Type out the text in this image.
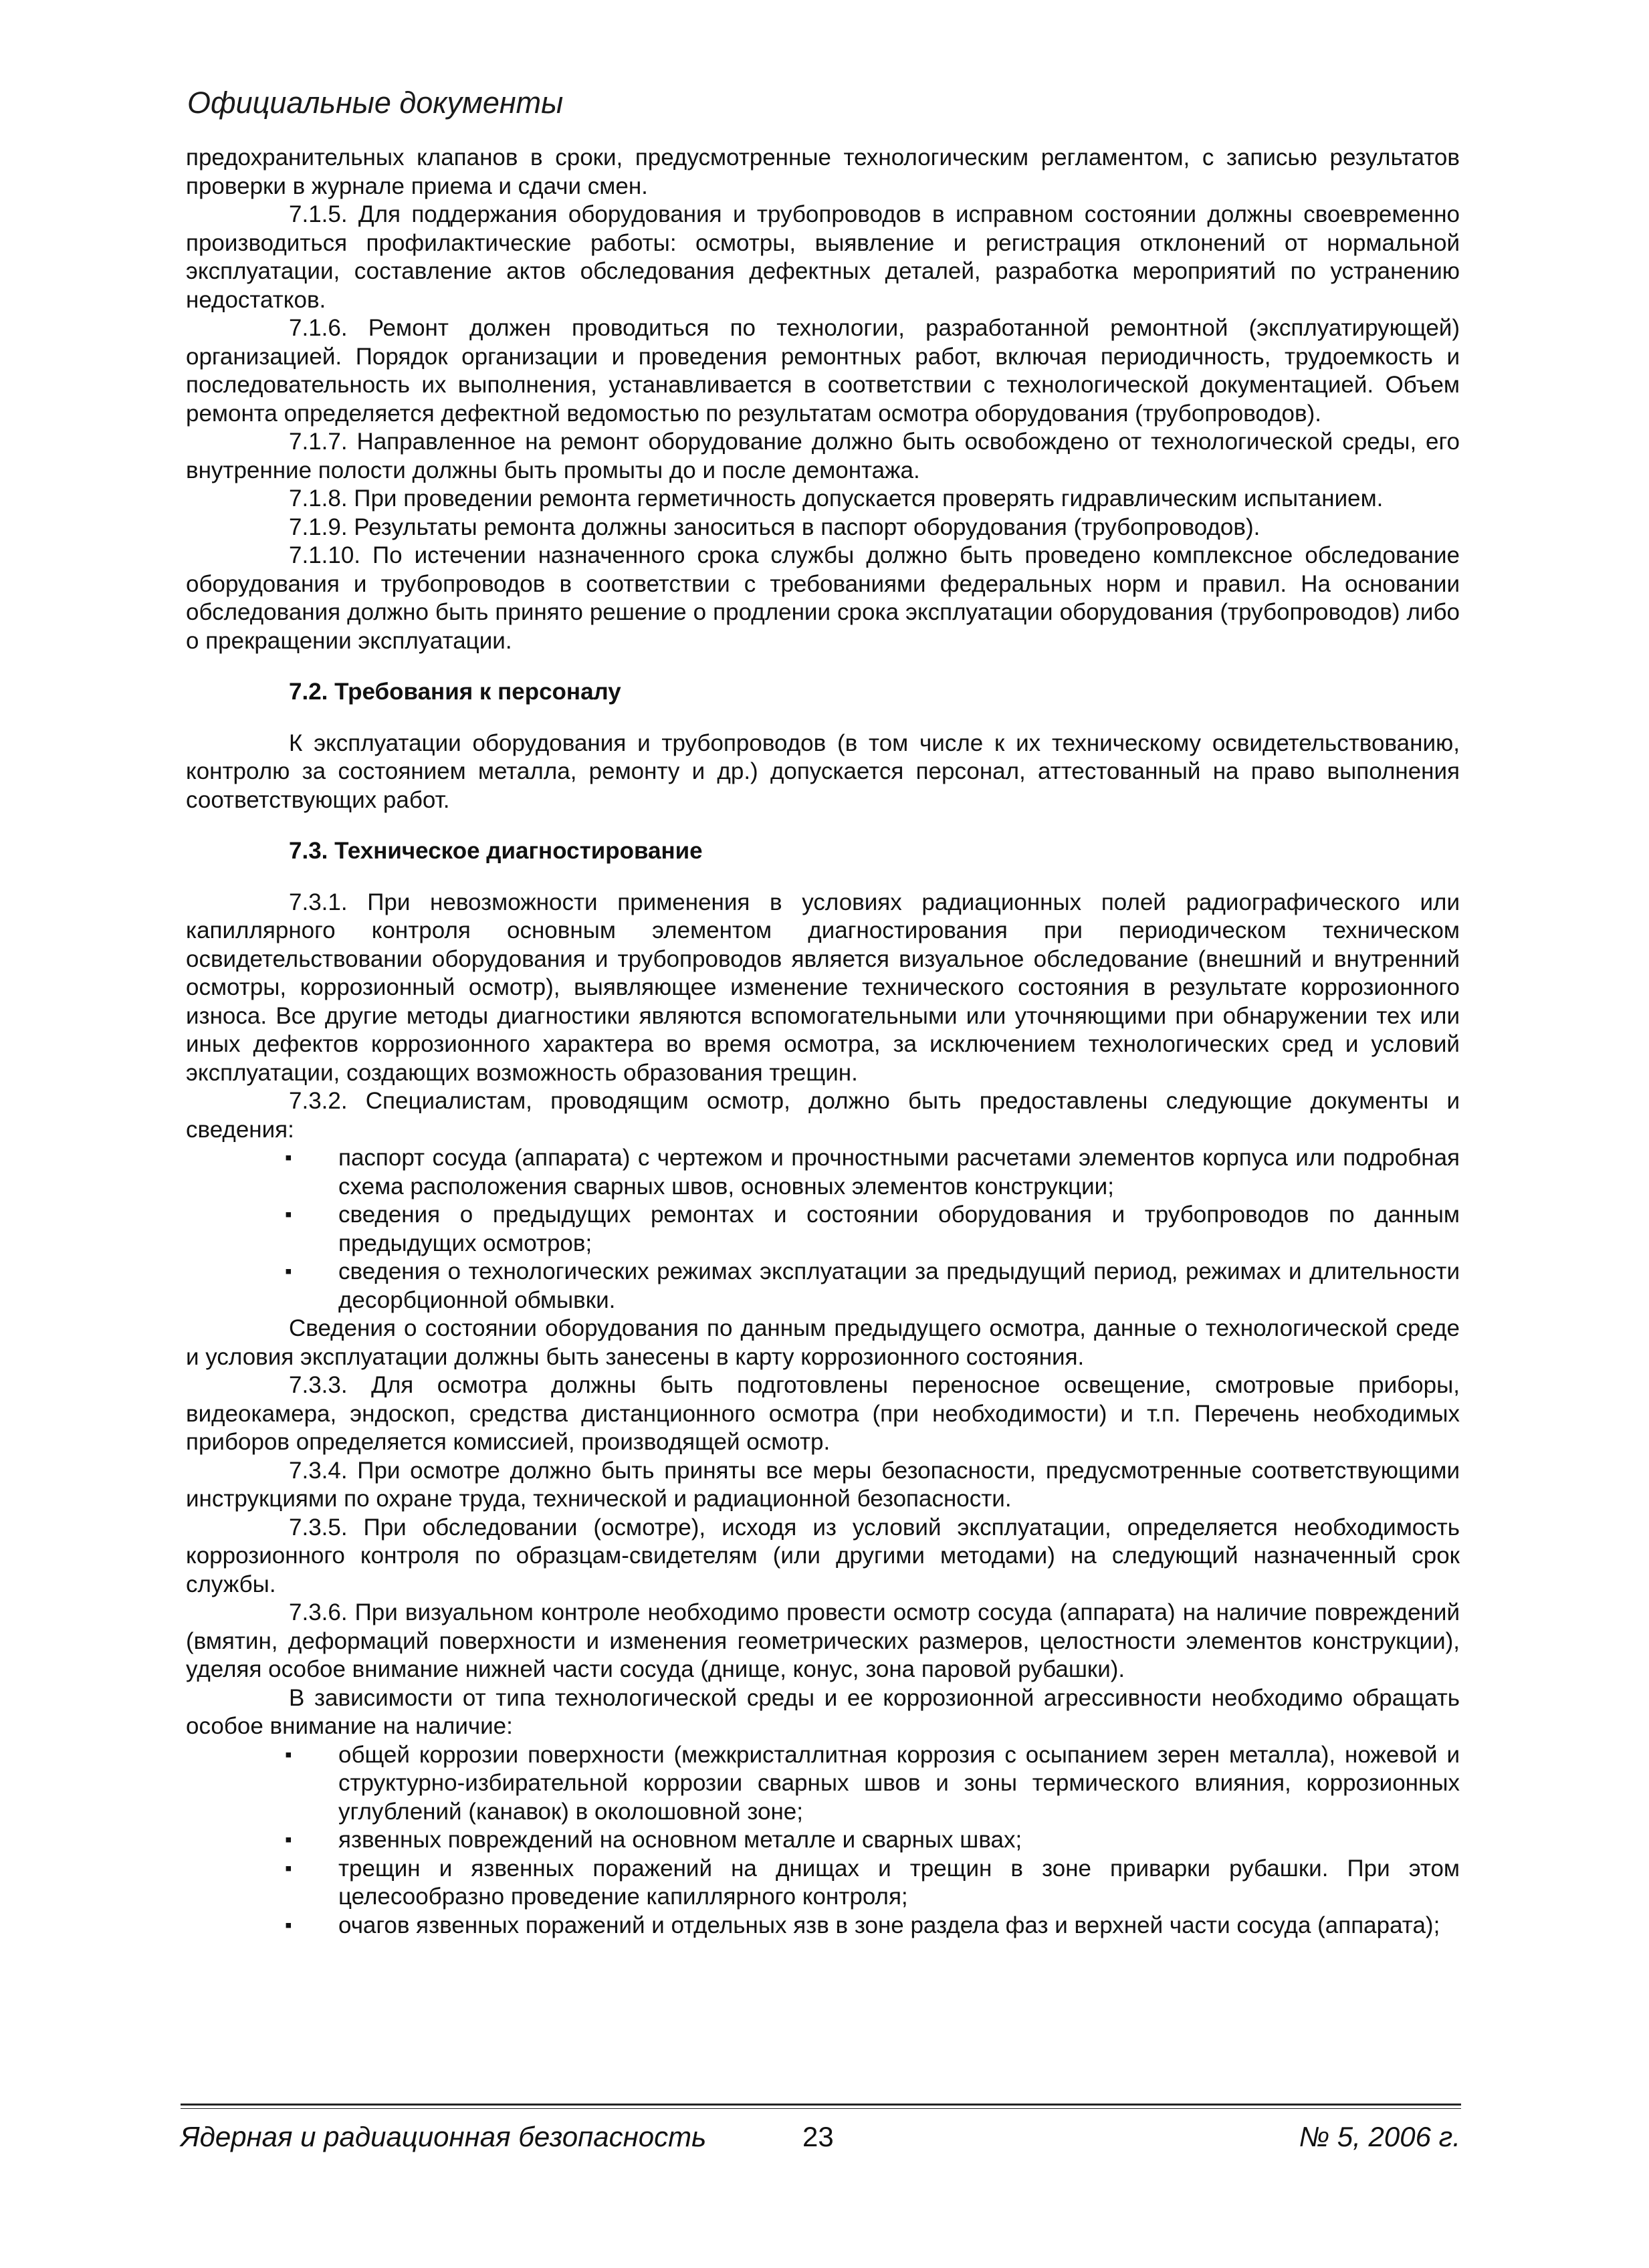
Официальные документы

предохранительных клапанов в сроки, предусмотренные технологическим регламентом, с записью результатов проверки в журнале приема и сдачи смен.

7.1.5. Для поддержания оборудования и трубопроводов в исправном состоянии должны своевременно производиться профилактические работы: осмотры, выявление и регистрация отклонений от нормальной эксплуатации, составление актов обследования дефектных деталей, разработка мероприятий по устранению недостатков.

7.1.6. Ремонт должен проводиться по технологии, разработанной ремонтной (эксплуатирующей) организацией. Порядок организации и проведения ремонтных работ, включая периодичность, трудоемкость и последовательность их выполнения, устанавливается в соответствии с технологической документацией. Объем ремонта определяется дефектной ведомостью по результатам осмотра оборудования (трубопроводов).

7.1.7. Направленное на ремонт оборудование должно быть освобождено от технологической среды, его внутренние полости должны быть промыты до и после демонтажа.

7.1.8. При проведении ремонта герметичность допускается проверять гидравлическим испытанием.

7.1.9. Результаты ремонта должны заноситься в паспорт оборудования (трубопроводов).

7.1.10. По истечении назначенного срока службы должно быть проведено комплексное обследование оборудования и трубопроводов в соответствии с требованиями федеральных норм и правил. На основании обследования должно быть принято решение о продлении срока эксплуатации оборудования (трубопроводов) либо о прекращении эксплуатации.

7.2. Требования к персоналу

К эксплуатации оборудования и трубопроводов (в том числе к их техническому освидетельствованию, контролю за состоянием металла, ремонту и др.) допускается персонал, аттестованный на право выполнения соответствующих работ.

7.3. Техническое диагностирование

7.3.1. При невозможности применения в условиях радиационных полей радиографического или капиллярного контроля основным элементом диагностирования при периодическом техническом освидетельствовании оборудования и трубопроводов является визуальное обследование (внешний и внутренний осмотры, коррозионный осмотр), выявляющее изменение технического состояния в результате коррозионного износа. Все другие методы диагностики являются вспомогательными или уточняющими при обнаружении тех или иных дефектов коррозионного характера во время осмотра, за исключением технологических сред и условий эксплуатации, создающих возможность образования трещин.

7.3.2. Специалистам, проводящим осмотр, должно быть предоставлены следующие документы и сведения:

▪ паспорт сосуда (аппарата) с чертежом и прочностными расчетами элементов корпуса или подробная схема расположения сварных швов, основных элементов конструкции;
▪ сведения о предыдущих ремонтах и состоянии оборудования и трубопроводов по данным предыдущих осмотров;
▪ сведения о технологических режимах эксплуатации за предыдущий период, режимах и длительности десорбционной обмывки.

Сведения о состоянии оборудования по данным предыдущего осмотра, данные о технологической среде и условия эксплуатации должны быть занесены в карту коррозионного состояния.

7.3.3. Для осмотра должны быть подготовлены переносное освещение, смотровые приборы, видеокамера, эндоскоп, средства дистанционного осмотра (при необходимости) и т.п. Перечень необходимых приборов определяется комиссией, производящей осмотр.

7.3.4. При осмотре должно быть приняты все меры безопасности, предусмотренные соответствующими инструкциями по охране труда, технической и радиационной безопасности.

7.3.5. При обследовании (осмотре), исходя из условий эксплуатации, определяется необходимость коррозионного контроля по образцам-свидетелям (или другими методами) на следующий назначенный срок службы.

7.3.6. При визуальном контроле необходимо провести осмотр сосуда (аппарата) на наличие повреждений (вмятин, деформаций поверхности и изменения геометрических размеров, целостности элементов конструкции), уделяя особое внимание нижней части сосуда (днище, конус, зона паровой рубашки).

В зависимости от типа технологической среды и ее коррозионной агрессивности необходимо обращать особое внимание на наличие:

▪ общей коррозии поверхности (межкристаллитная коррозия с осыпанием зерен металла), ножевой и структурно-избирательной коррозии сварных швов и зоны термического влияния, коррозионных углублений (канавок) в околошовной зоне;
▪ язвенных повреждений на основном металле и сварных швах;
▪ трещин и язвенных поражений на днищах и трещин в зоне приварки рубашки. При этом целесообразно проведение капиллярного контроля;
▪ очагов язвенных поражений и отдельных язв в зоне раздела фаз и верхней части сосуда (аппарата);
Ядерная и радиационная безопасность	23	№ 5, 2006 г.
